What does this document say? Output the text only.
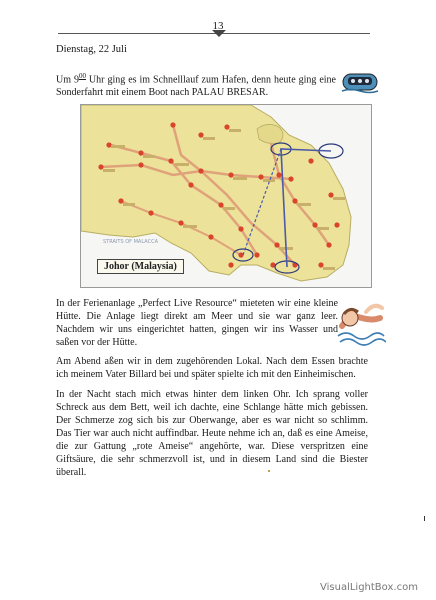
13
Dienstag, 22 Juli
Um $9^{00}$ Uhr ging es im Schnelllauf zum Hafen, denn heute ging eine Sonderfahrt mit einem Boot nach PALAU BRESAR.
STRAITS OF MALACCA
Johor (Malaysia)
In der Ferienanlage „Perfect Live Resource“ mieteten wir eine kleine Hütte. Die Anlage liegt direkt am Meer und sie war ganz leer. Nachdem wir uns eingerichtet hatten, gingen wir ins Wasser und saßen vor der Hütte.
Am Abend aßen wir in dem zugehörenden Lokal. Nach dem Essen brachte ich meinem Vater Billard bei und später spielte ich mit den Einheimischen.
In der Nacht stach mich etwas hinter dem linken Ohr. Ich sprang voller Schreck aus dem Bett, weil ich dachte, eine Schlange hätte mich gebissen. Der Schmerze zog sich bis zur Oberwange, aber es war nicht so schlimm. Das Tier war auch nicht auffindbar. Heute nehme ich an, daß es eine Ameise, die zur Gattung „rote Ameise“ angehörte, war. Diese verspritzen eine Giftsäure, die sehr schmerzvoll ist, und in diesem Land sind die Biester überall.
VisualLightBox.com
